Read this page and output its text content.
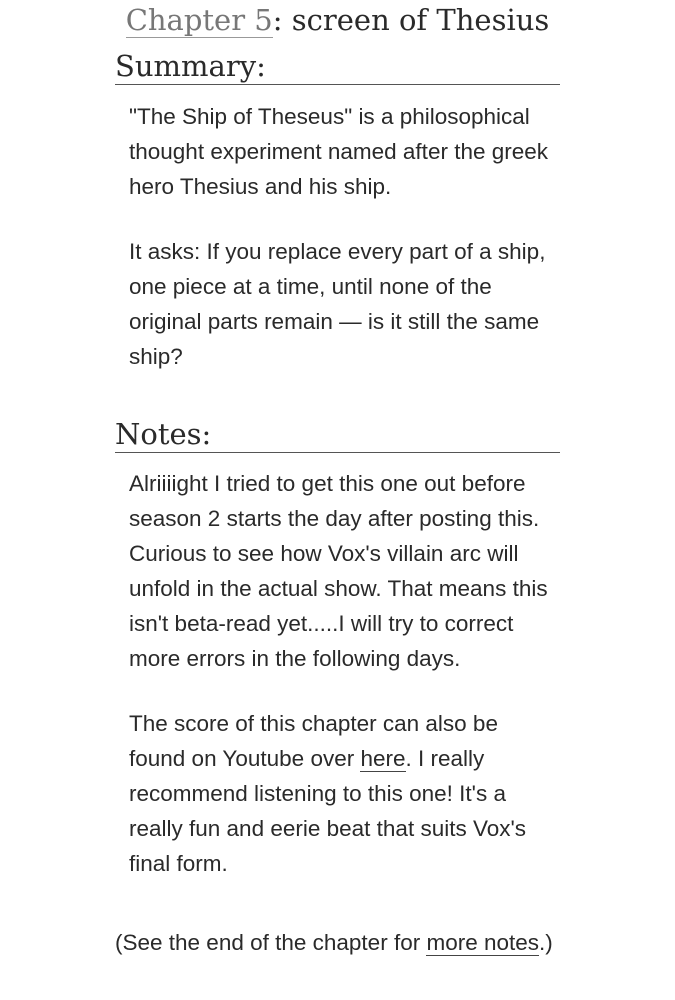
Chapter 5: screen of Thesius
Summary:

"The Ship of Theseus" is a philosophical thought experiment named after the greek hero Thesius and his ship.

It asks: If you replace every part of a ship, one piece at a time, until none of the original parts remain — is it still the same ship?

Notes:

Alriiiight I tried to get this one out before season 2 starts the day after posting this. Curious to see how Vox's villain arc will unfold in the actual show. That means this isn't beta-read yet.....I will try to correct more errors in the following days.

The score of this chapter can also be found on Youtube over here. I really recommend listening to this one! It's a really fun and eerie beat that suits Vox's final form.

(See the end of the chapter for more notes.)
